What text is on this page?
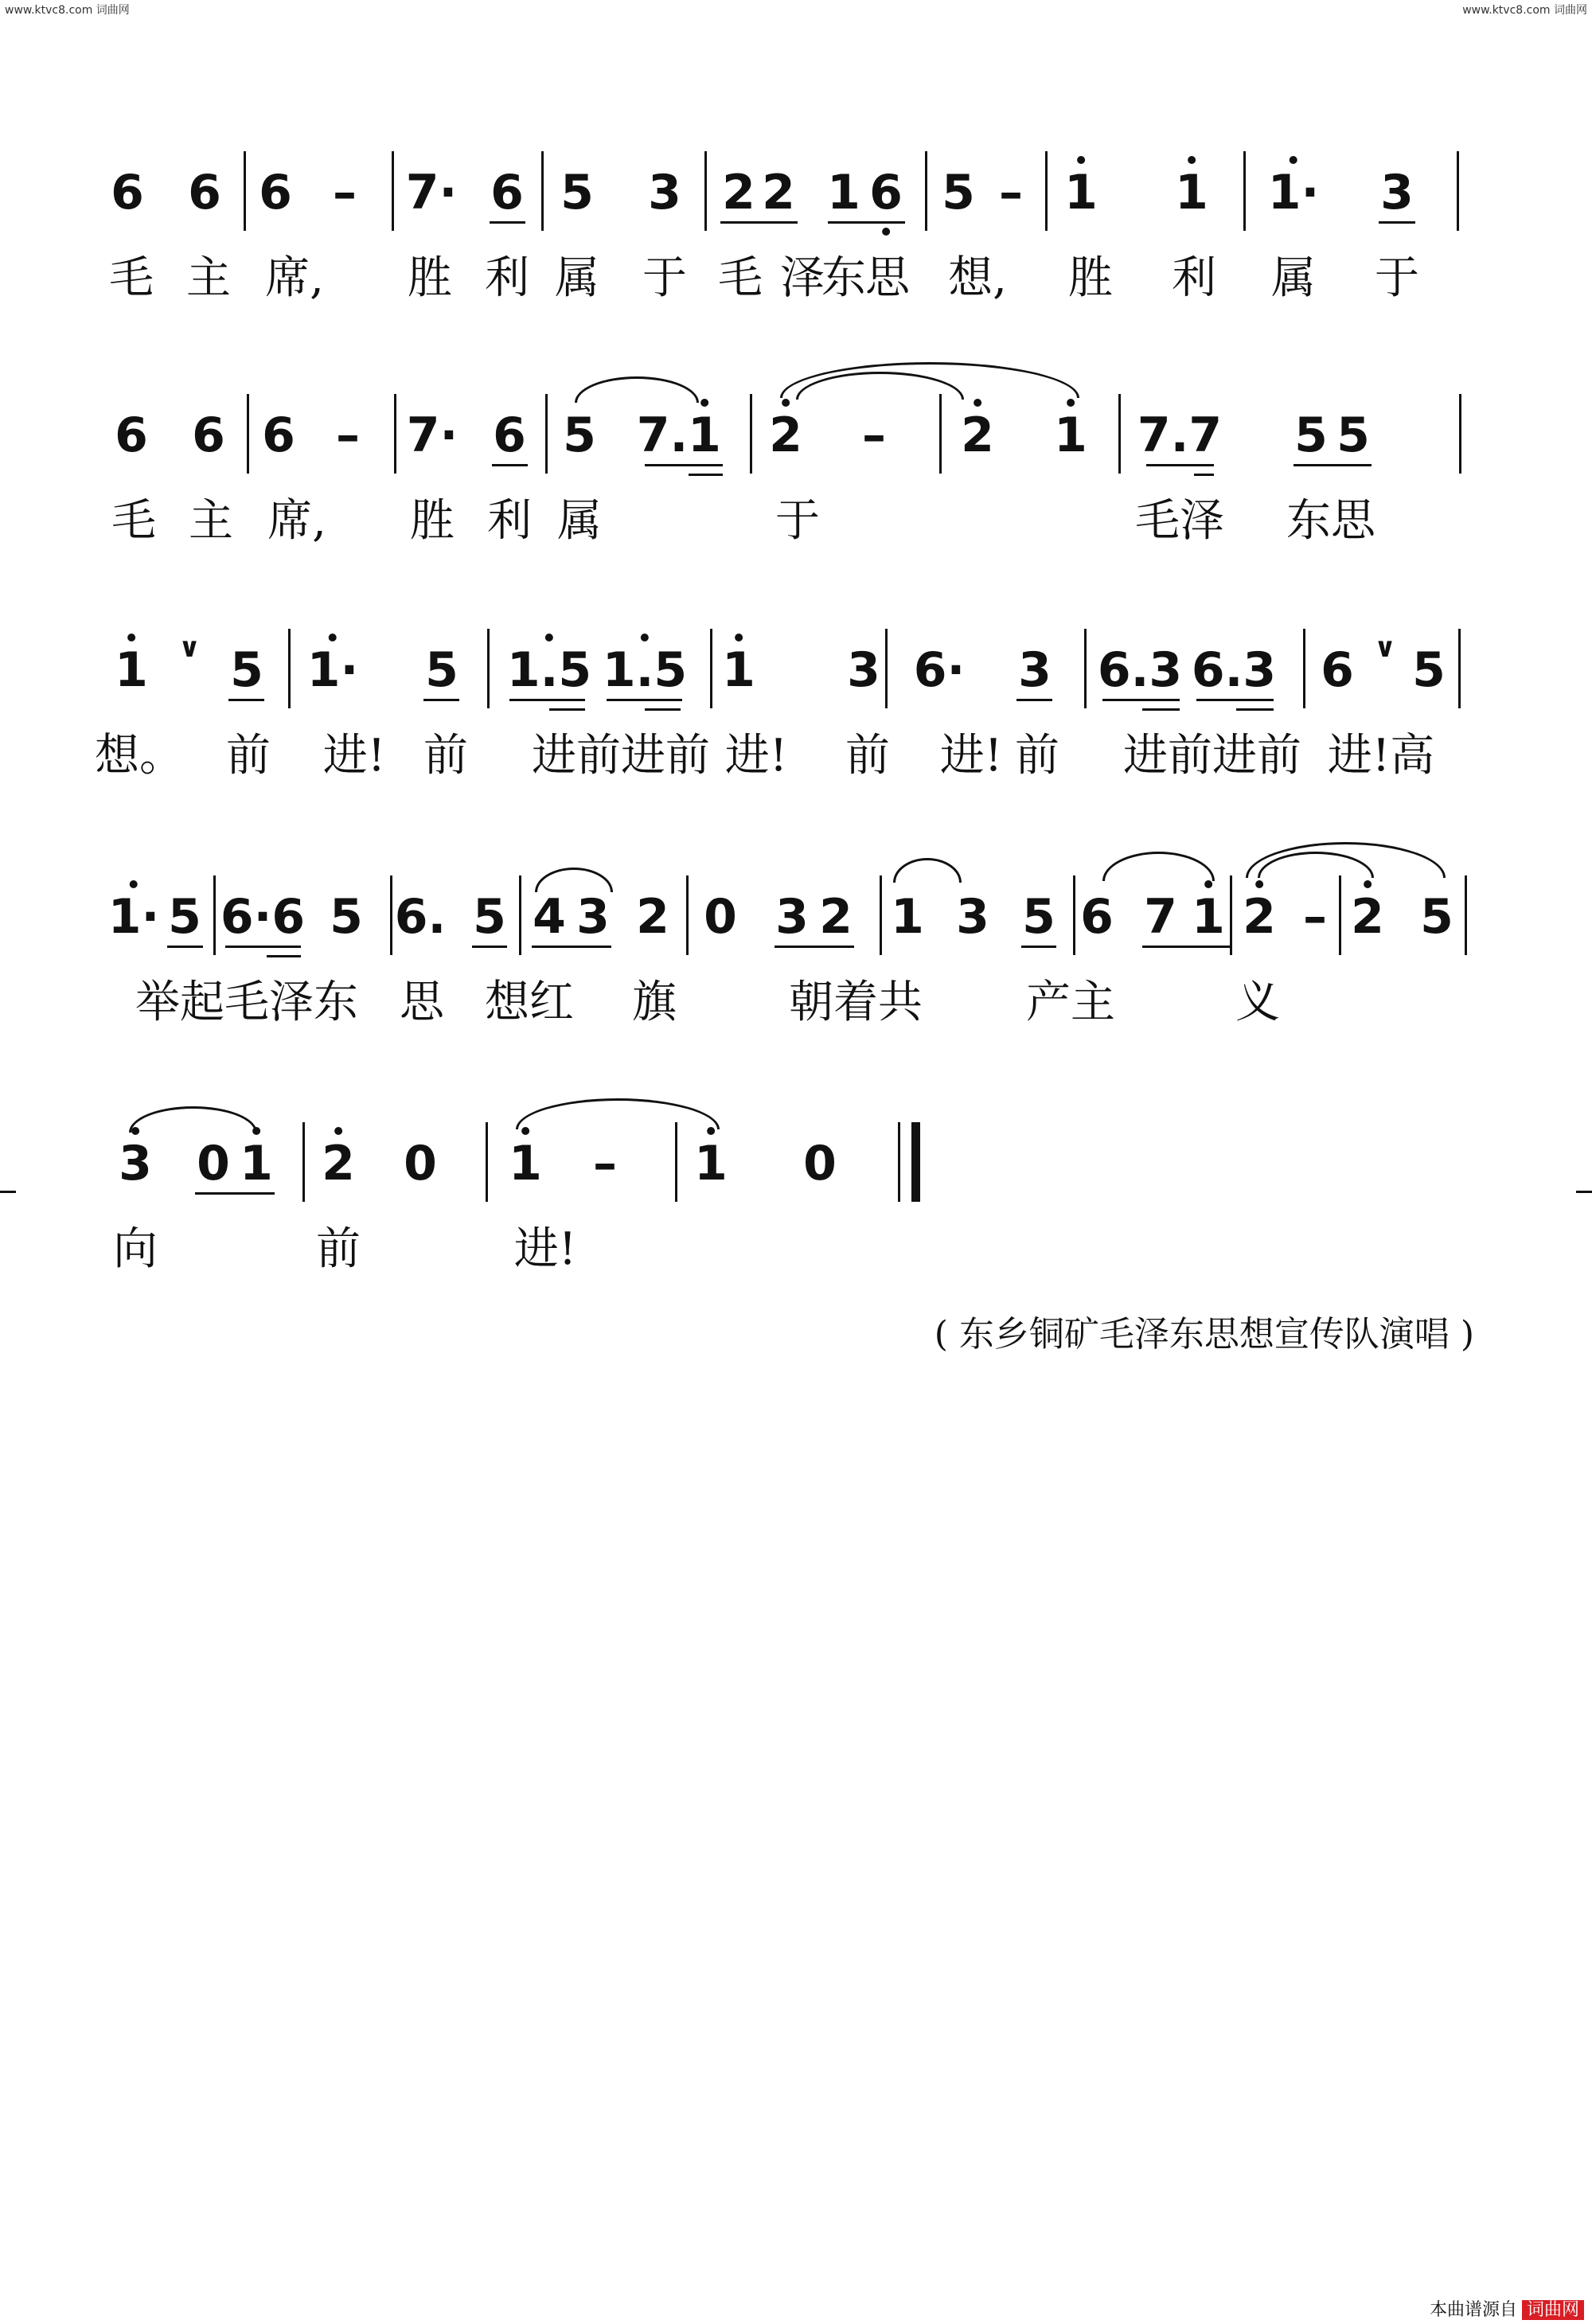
www.ktvc8.com 词曲网	www.ktvc8.com 词曲网
6 6 6 – 7· 6 5 3 2 2 1 6 5 – 1 1 1· 3
毛 主 席, 胜 利 属 于 毛 泽
东 思 想, 胜 利 属 于
6 6 6 – 7· 6 5 7. 1 2 – 2 1 7.7 5 5
毛 主 席, 胜 利 属	于	毛泽 东思
1 ∨ 5 1· 5 1.5 1.5 1 3 6· 3 6.3 6.3 6 ∨ 5
想。 前 进! 前 进前进前 进! 前 进! 前 进前进前 进!高
1· 5 6·6 5 6. 5 4 3 2 0 3 2 1 3 5 6 7 1 2 – 2 5
举起毛泽东 思 想红 旗	朝着共 产主	义
3 0 1 2 0 1 – 1 0
向	前	进!
( 东乡铜矿毛泽东思想宣传队演唱 )
本曲谱源自 词曲网
